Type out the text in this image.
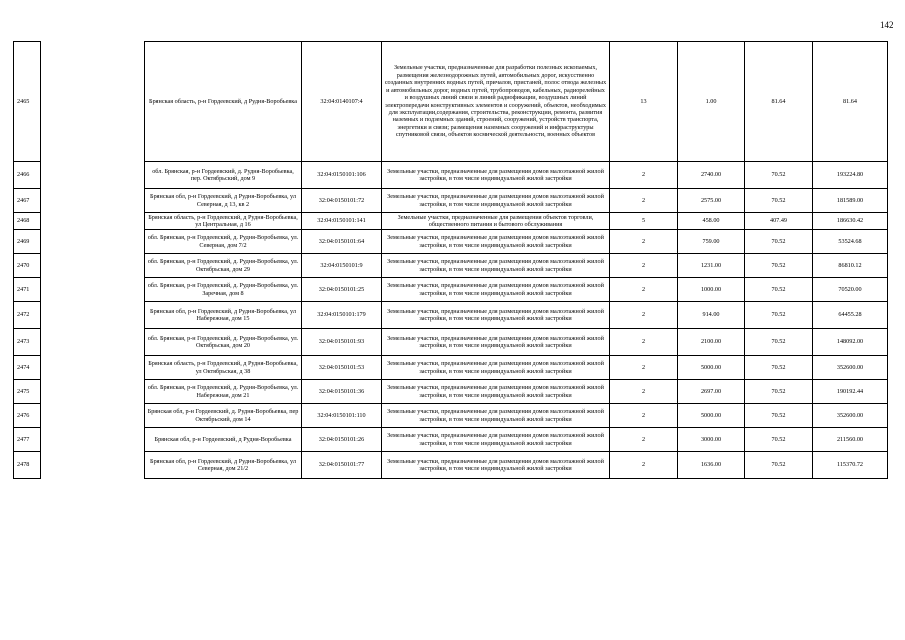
142
2465		Брянская область, р-н Гордеевский, д Рудня-Воробьевка	32:04:0140107:4	Земельные участки, предназначенные для разработки полезных ископаемых, размещения железнодорожных путей, автомобильных дорог, искусственно созданных внутренних водных путей, причалов, пристаней, полос отвода железных и автомобильных дорог, водных путей, трубопроводов, кабельных, радиорелейных и воздушных линий связи и линий радиофикации, воздушных линий электропередачи конструктивных элементов и сооружений, объектов, необходимых для эксплуатации,содержания, строительства, реконструкции, ремонта, развития наземных и подземных зданий, строений, сооружений, устройств транспорта, энергетики и связи; размещения наземных сооружений и инфраструктуры спутниковой связи, объектов космической деятельности, военных объектов	13	1.00	81.64	81.64
2466		обл. Брянская, р-н Гордеевский, д. Рудня-Воробьевка, пер. Октябрьский, дом 9	32:04:0150101:106	Земельные участки, предназначенные для размещения домов малоэтажной жилой застройки, в том числе индивидуальной жилой застройки	2	2740.00	70.52	193224.80
2467		Брянская обл, р-н Гордеевский, д Рудня-Воробьевка, ул Северная, д 13, кв 2	32:04:0150101:72	Земельные участки, предназначенные для размещения домов малоэтажной жилой застройки, в том числе индивидуальной жилой застройки	2	2575.00	70.52	181589.00
2468		Брянская область, р-н Гордеевский, д Рудня-Воробьевка, ул Центральная, д 16	32:04:0150101:141	Земельные участки, предназначенные для размещения объектов торговли, общественного питания и бытового обслуживания	5	458.00	407.49	186630.42
2469		обл. Брянская, р-н Гордеевский, д. Рудня-Воробьевка, ул. Северная, дом 7/2	32:04:0150101:64	Земельные участки, предназначенные для размещения домов малоэтажной жилой застройки, в том числе индивидуальной жилой застройки	2	759.00	70.52	53524.68
2470		обл. Брянская, р-н Гордеевский, д. Рудня-Воробьевка, ул. Октябрьская, дом 29	32:04:0150101:9	Земельные участки, предназначенные для размещения домов малоэтажной жилой застройки, в том числе индивидуальной жилой застройки	2	1231.00	70.52	86810.12
2471		обл. Брянская, р-н Гордеевский, д. Рудня-Воробьевка, ул. Заречная, дом 8	32:04:0150101:25	Земельные участки, предназначенные для размещения домов малоэтажной жилой застройки, в том числе индивидуальной жилой застройки	2	1000.00	70.52	70520.00
2472		Брянская обл, р-н Гордеевский, д Рудня-Воробьевка, ул Набережная, дом 15	32:04:0150101:179	Земельные участки, предназначенные для размещения домов малоэтажной жилой застройки, в том числе индивидуальной жилой застройки	2	914.00	70.52	64455.28
2473		обл. Брянская, р-н Гордеевский, д. Рудня-Воробьевка, ул. Октябрьская, дом 20	32:04:0150101:93	Земельные участки, предназначенные для размещения домов малоэтажной жилой застройки, в том числе индивидуальной жилой застройки	2	2100.00	70.52	148092.00
2474		Брянская область, р-н Гордеевский, д Рудня-Воробьевка, ул Октябрьская, д 38	32:04:0150101:53	Земельные участки, предназначенные для размещения домов малоэтажной жилой застройки, в том числе индивидуальной жилой застройки	2	5000.00	70.52	352600.00
2475		обл. Брянская, р-н Гордеевский, д. Рудня-Воробьевка, ул. Набережная, дом 21	32:04:0150101:36	Земельные участки, предназначенные для размещения домов малоэтажной жилой застройки, в том числе индивидуальной жилой застройки	2	2697.00	70.52	190192.44
2476		Брянская обл, р-н Гордеевский, д. Рудня-Воробьевка, пер Октябрьский, дом 14	32:04:0150101:110	Земельные участки, предназначенные для размещения домов малоэтажной жилой застройки, в том числе индивидуальной жилой застройки	2	5000.00	70.52	352600.00
2477		Брянская обл, р-н Гордеевский, д Рудня-Воробьевка	32:04:0150101:26	Земельные участки, предназначенные для размещения домов малоэтажной жилой застройки, в том числе индивидуальной жилой застройки	2	3000.00	70.52	211560.00
2478		Брянская обл, р-н Гордеевский, д Рудня-Воробьевка, ул Северная, дом 21/2	32:04:0150101:77	Земельные участки, предназначенные для размещения домов малоэтажной жилой застройки, в том числе индивидуальной жилой застройки	2	1636.00	70.52	115370.72
